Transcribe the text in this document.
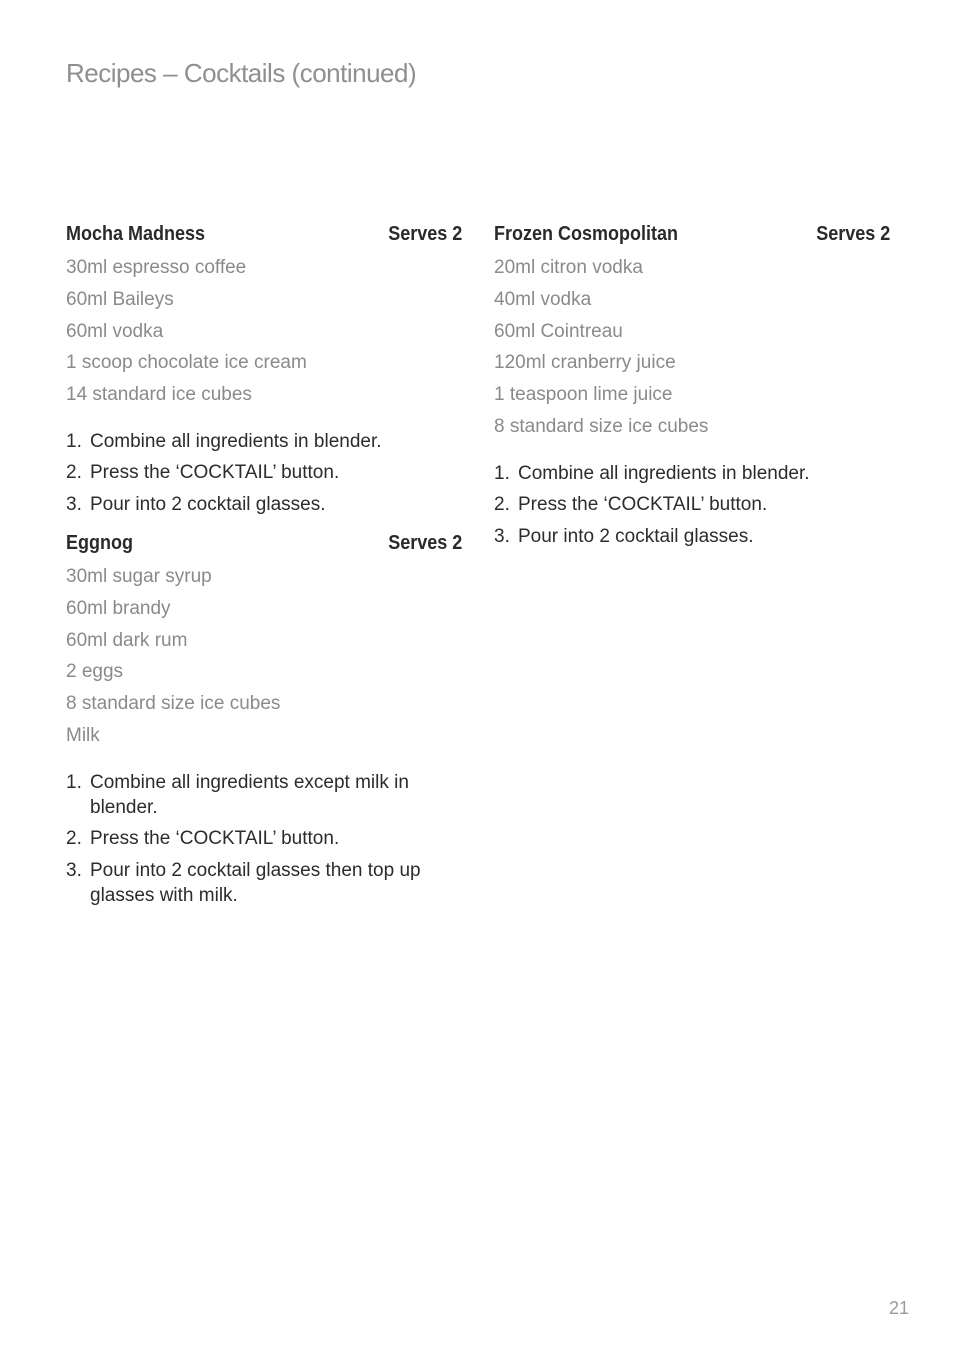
Recipes – Cocktails (continued)
Mocha Madness	Serves 2
30ml espresso coffee
60ml Baileys
60ml vodka
1 scoop chocolate ice cream
14 standard ice cubes
1. Combine all ingredients in blender.
2. Press the ‘COCKTAIL’ button.
3. Pour into 2 cocktail glasses.
Eggnog	Serves 2
30ml sugar syrup
60ml brandy
60ml dark rum
2 eggs
8 standard size ice cubes
Milk
1. Combine all ingredients except milk in blender.
2. Press the ‘COCKTAIL’ button.
3. Pour into 2 cocktail glasses then top up glasses with milk.
Frozen Cosmopolitan	Serves 2
20ml citron vodka
40ml vodka
60ml Cointreau
120ml cranberry juice
1 teaspoon lime juice
8 standard size ice cubes
1. Combine all ingredients in blender.
2. Press the ‘COCKTAIL’ button.
3. Pour into 2 cocktail glasses.
21
